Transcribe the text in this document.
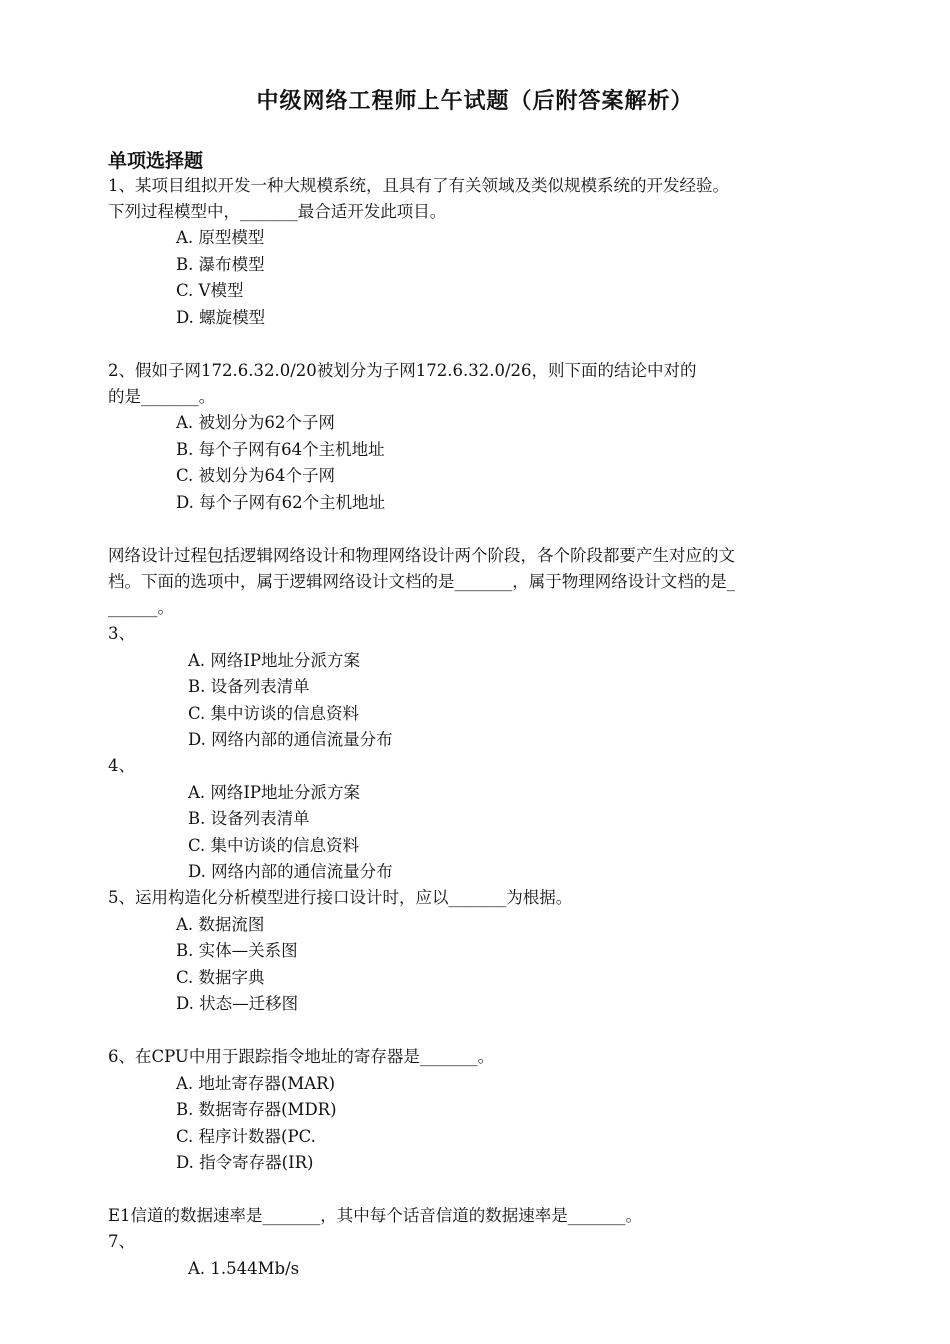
中级网络工程师上午试题（后附答案解析）
单项选择题
1、某项目组拟开发一种大规模系统，且具有了有关领域及类似规模系统的开发经验。
下列过程模型中，_______最合适开发此项目。
A. 原型模型
B. 瀑布模型
C. V模型
D. 螺旋模型
2、假如子网172.6.32.0/20被划分为子网172.6.32.0/26，则下面的结论中对的
的是_______。
A. 被划分为62个子网
B. 每个子网有64个主机地址
C. 被划分为64个子网
D. 每个子网有62个主机地址
网络设计过程包括逻辑网络设计和物理网络设计两个阶段，各个阶段都要产生对应的文
档。下面的选项中，属于逻辑网络设计文档的是_______，属于物理网络设计文档的是_
______。
3、
A. 网络IP地址分派方案
B. 设备列表清单
C. 集中访谈的信息资料
D. 网络内部的通信流量分布
4、
A. 网络IP地址分派方案
B. 设备列表清单
C. 集中访谈的信息资料
D. 网络内部的通信流量分布
5、运用构造化分析模型进行接口设计时，应以_______为根据。
A. 数据流图
B. 实体—关系图
C. 数据字典
D. 状态—迁移图
6、在CPU中用于跟踪指令地址的寄存器是_______。
A. 地址寄存器(MAR)
B. 数据寄存器(MDR)
C. 程序计数器(PC.
D. 指令寄存器(IR)
E1信道的数据速率是_______，其中每个话音信道的数据速率是_______。
7、
A. 1.544Mb/s
